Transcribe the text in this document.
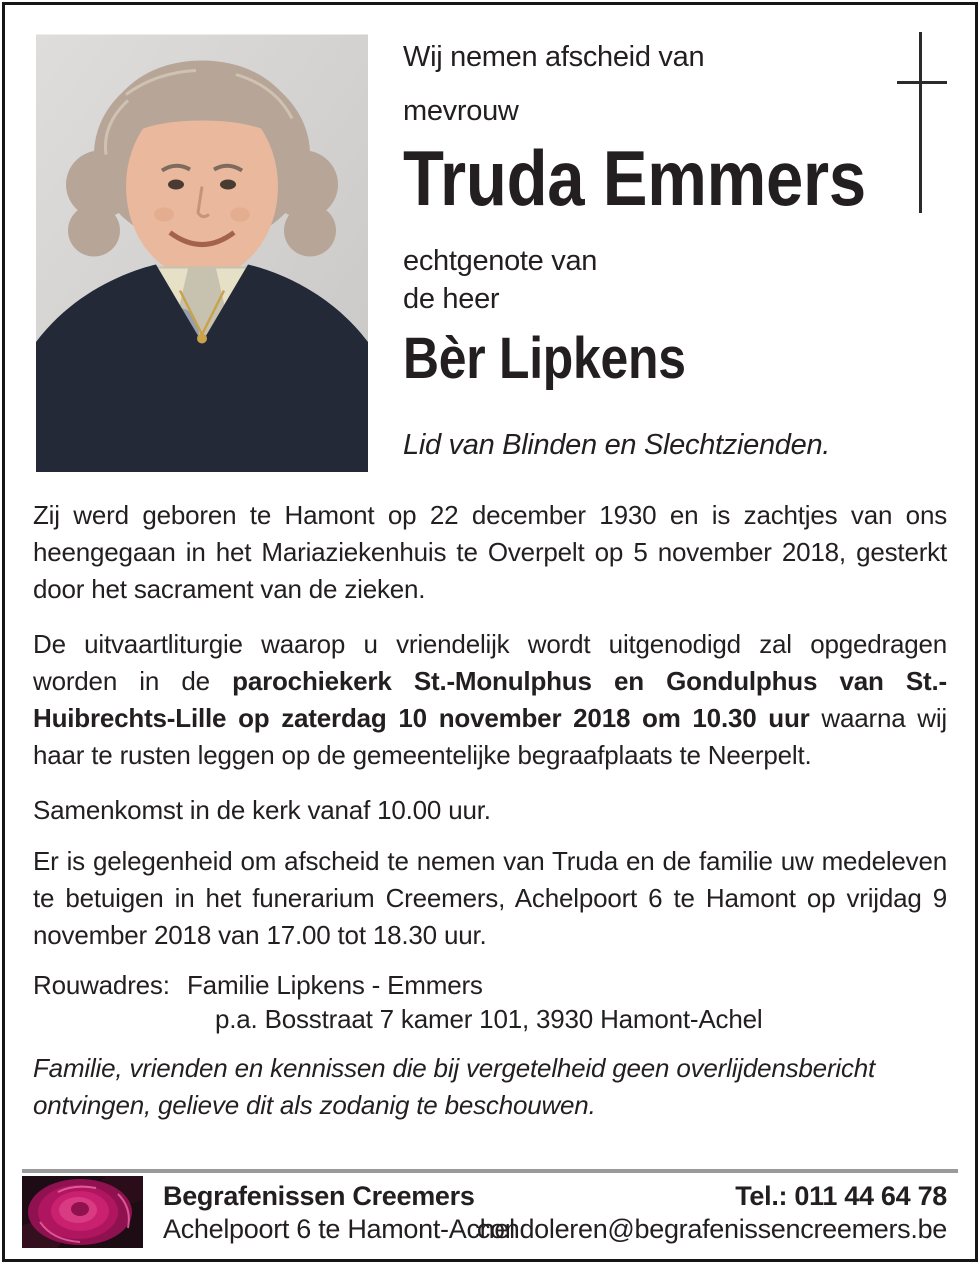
Wij nemen afscheid van
mevrouw
Truda Emmers
echtgenote van
de heer
Bèr Lipkens
Lid van Blinden en Slechtzienden.

Zij werd geboren te Hamont op 22 december 1930 en is zachtjes van ons heengegaan in het Mariaziekenhuis te Overpelt op 5 november 2018, gesterkt door het sacrament van de zieken.

De uitvaartliturgie waarop u vriendelijk wordt uitgenodigd zal opgedragen worden in de parochiekerk St.-Monulphus en Gondulphus van St.-Huibrechts-Lille op zaterdag 10 november 2018 om 10.30 uur waarna wij haar te rusten leggen op de gemeentelijke begraafplaats te Neerpelt.

Samenkomst in de kerk vanaf 10.00 uur.

Er is gelegenheid om afscheid te nemen van Truda en de familie uw medeleven te betuigen in het funerarium Creemers, Achelpoort 6 te Hamont op vrijdag 9 november 2018 van 17.00 tot 18.30 uur.

Rouwadres: Familie Lipkens - Emmers
p.a. Bosstraat 7 kamer 101, 3930 Hamont-Achel

Familie, vrienden en kennissen die bij vergetelheid geen overlijdensbericht ontvingen, gelieve dit als zodanig te beschouwen.

Begrafenissen Creemers
Achelpoort 6 te Hamont-Achel
Tel.: 011 44 64 78
condoleren@begrafenissencreemers.be
